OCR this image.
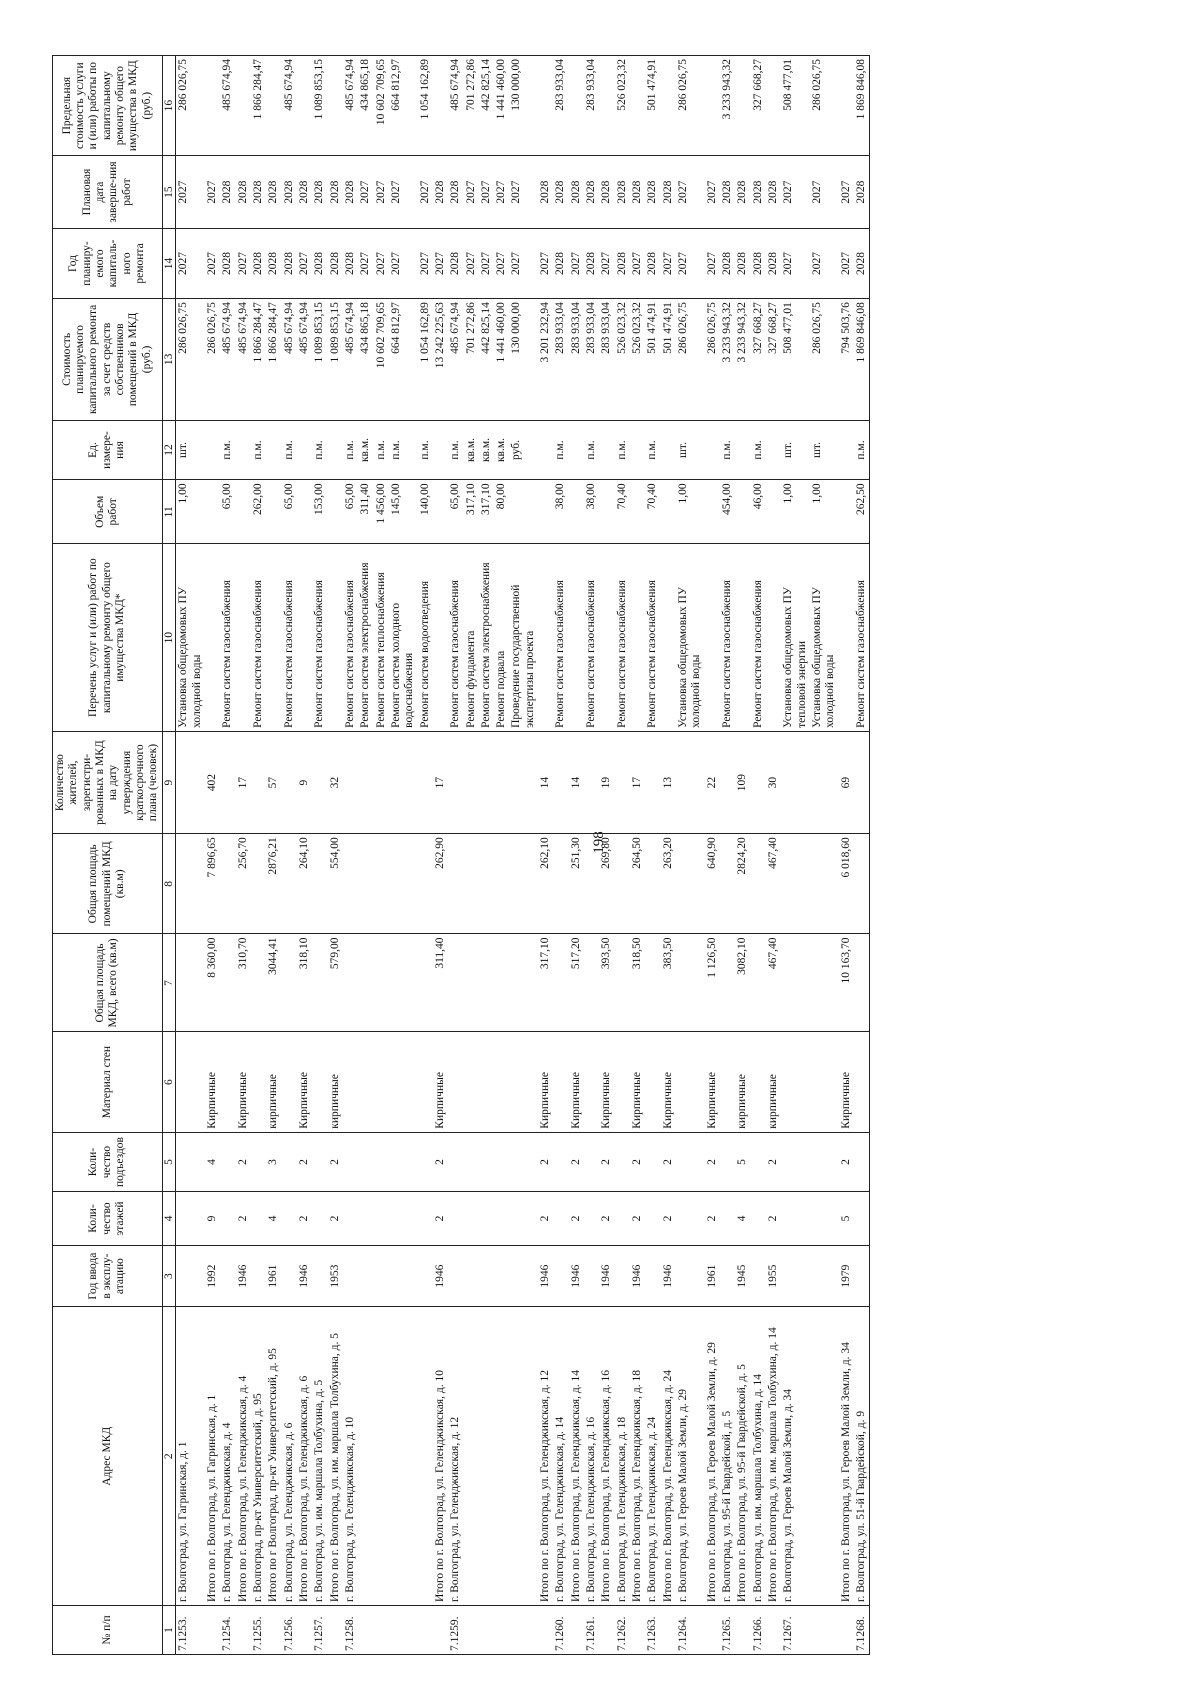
198
№ п/п	Адрес МКД	Год ввода в эксплу-атацию	Коли-чество этажей	Коли-чество подъездов	Материал стен	Общая площадь МКД, всего (кв.м)	Общая площадь помещений МКД (кв.м)	Количество жителей, зарегистри-рованных в МКД на дату утверждения краткосрочного плана (человек)	Перечень услуг и (или) работ по капитальному ремонту общего имущества МКД*	Объем работ	Ед. измере-ния	Стоимость планируемого капитального ремонта за счет средств собственников помещений в МКД (руб.)	Год планиру-емого капиталь-ного ремонта	Плановая дата заверше-ния работ	Предельная стоимость услуги и (или) работы по капитальному ремонту общего имущества в МКД (руб.)
1	2	3	4	5	6	7	8	9	10	11	12	13	14	15	16
7.1253.	г. Волгоград, ул. Гагринская, д. 1								Установка общедомовых ПУ холодной воды	1,00	шт.	286 026,75	2027	2027	286 026,75
	Итого по г. Волгоград, ул. Гагринская, д. 1	1992	9	4	Кирпичные	8 360,00	7 896,65	402				286 026,75	2027	2027	
7.1254.	г. Волгоград, ул. Геленджикская, д. 4								Ремонт систем газоснабжения	65,00	п.м.	485 674,94	2028	2028	485 674,94
	Итого по г. Волгоград, ул. Геленджикская, д. 4	1946	2	2	Кирпичные	310,70	256,70	17				485 674,94	2027	2028	
7.1255.	г. Волгоград, пр-кт Университетский, д. 95								Ремонт систем газоснабжения	262,00	п.м.	1 866 284,47	2028	2028	1 866 284,47
	Итого по г Волгоград, пр-кт Университетский, д. 95	1961	4	3	кирпичные	3044,41	2876,21	57				1 866 284,47	2028	2028	
7.1256.	г. Волгоград, ул. Геленджикская, д. 6								Ремонт систем газоснабжения	65,00	п.м.	485 674,94	2028	2028	485 674,94
	Итого по г. Волгоград, ул. Геленджикская, д. 6	1946	2	2	Кирпичные	318,10	264,10	9				485 674,94	2027	2028	
7.1257.	г. Волгоград, ул. им. маршала Толбухина, д. 5								Ремонт систем газоснабжения	153,00	п.м.	1 089 853,15	2028	2028	1 089 853,15
	Итого по г. Волгоград, ул. им. маршала Толбухина, д. 5	1953	2	2	кирпичные	579,00	554,00	32				1 089 853,15	2028	2028	
7.1258.	г. Волгоград, ул. Геленджикская, д. 10								Ремонт систем газоснабжения	65,00	п.м.	485 674,94	2028	2028	485 674,94
									Ремонт систем электроснабжения	311,40	кв.м.	434 865,18	2027	2027	434 865,18
									Ремонт систем теплоснабжения	1 456,00	п.м.	10 602 709,65	2027	2027	10 602 709,65
									Ремонт систем холодного водоснабжения	145,00	п.м.	664 812,97	2027	2027	664 812,97
									Ремонт систем водоотведения	140,00	п.м.	1 054 162,89	2027	2027	1 054 162,89
	Итого по г. Волгоград, ул. Геленджикская, д. 10	1946	2	2	Кирпичные	311,40	262,90	17				13 242 225,63	2027	2028	
7.1259.	г. Волгоград, ул. Геленджикская, д. 12								Ремонт систем газоснабжения	65,00	п.м.	485 674,94	2028	2028	485 674,94
									Ремонт фундамента	317,10	кв.м.	701 272,86	2027	2027	701 272,86
									Ремонт систем электроснабжения	317,10	кв.м.	442 825,14	2027	2027	442 825,14
									Ремонт подвала	80,00	кв.м.	1 441 460,00	2027	2027	1 441 460,00
									Проведение государственной экспертизы проекта		руб.	130 000,00	2027	2027	130 000,00
	Итого по г. Волгоград, ул. Геленджикская, д. 12	1946	2	2	Кирпичные	317,10	262,10	14				3 201 232,94	2027	2028	
7.1260.	г. Волгоград, ул. Геленджикская, д. 14								Ремонт систем газоснабжения	38,00	п.м.	283 933,04	2028	2028	283 933,04
	Итого по г. Волгоград, ул. Геленджикская, д. 14	1946	2	2	Кирпичные	517,20	251,30	14				283 933,04	2027	2028	
7.1261.	г. Волгоград, ул. Геленджикская, д. 16								Ремонт систем газоснабжения	38,00	п.м.	283 933,04	2028	2028	283 933,04
	Итого по г. Волгоград, ул. Геленджикская, д. 16	1946	2	2	Кирпичные	393,50	269,80	19				283 933,04	2027	2028	
7.1262.	г. Волгоград, ул. Геленджикская, д. 18								Ремонт систем газоснабжения	70,40	п.м.	526 023,32	2028	2028	526 023,32
	Итого по г. Волгоград, ул. Геленджикская, д. 18	1946	2	2	Кирпичные	318,50	264,50	17				526 023,32	2027	2028	
7.1263.	г. Волгоград, ул. Геленджикская, д. 24								Ремонт систем газоснабжения	70,40	п.м.	501 474,91	2028	2028	501 474,91
	Итого по г. Волгоград, ул. Геленджикская, д. 24	1946	2	2	Кирпичные	383,50	263,20	13				501 474,91	2027	2028	
7.1264.	г. Волгоград, ул. Героев Малой Земли, д. 29								Установка общедомовых ПУ холодной воды	1,00	шт.	286 026,75	2027	2027	286 026,75
	Итого по г. Волгоград, ул. Героев Малой Земли, д. 29	1961	2	2	Кирпичные	1 126,50	640,90	22				286 026,75	2027	2027	
7.1265.	г. Волгоград, ул. 95-й Гвардейской, д. 5								Ремонт систем газоснабжения	454,00	п.м.	3 233 943,32	2028	2028	3 233 943,32
	Итого по г. Волгоград, ул. 95-й Гвардейской, д. 5	1945	4	5	кирпичные	3082,10	2824,20	109				3 233 943,32	2028	2028	
7.1266.	г. Волгоград, ул. им. маршала Толбухина, д. 14								Ремонт систем газоснабжения	46,00	п.м.	327 668,27	2028	2028	327 668,27
	Итого по г. Волгоград, ул. им. маршала Толбухина, д. 14	1955	2	2	кирпичные	467,40	467,40	30				327 668,27	2028	2028	
7.1267.	г. Волгоград, ул. Героев Малой Земли, д. 34								Установка общедомовых ПУ тепловой энергии	1,00	шт.	508 477,01	2027	2027	508 477,01
									Установка общедомовых ПУ холодной воды	1,00	шт.	286 026,75	2027	2027	286 026,75
	Итого по г. Волгоград, ул. Героев Малой Земли, д. 34	1979	5	2	Кирпичные	10 163,70	6 018,60	69				794 503,76	2027	2027	
7.1268.	г. Волгоград, ул. 51-й Гвардейской, д. 9								Ремонт систем газоснабжения	262,50	п.м.	1 869 846,08	2028	2028	1 869 846,08
